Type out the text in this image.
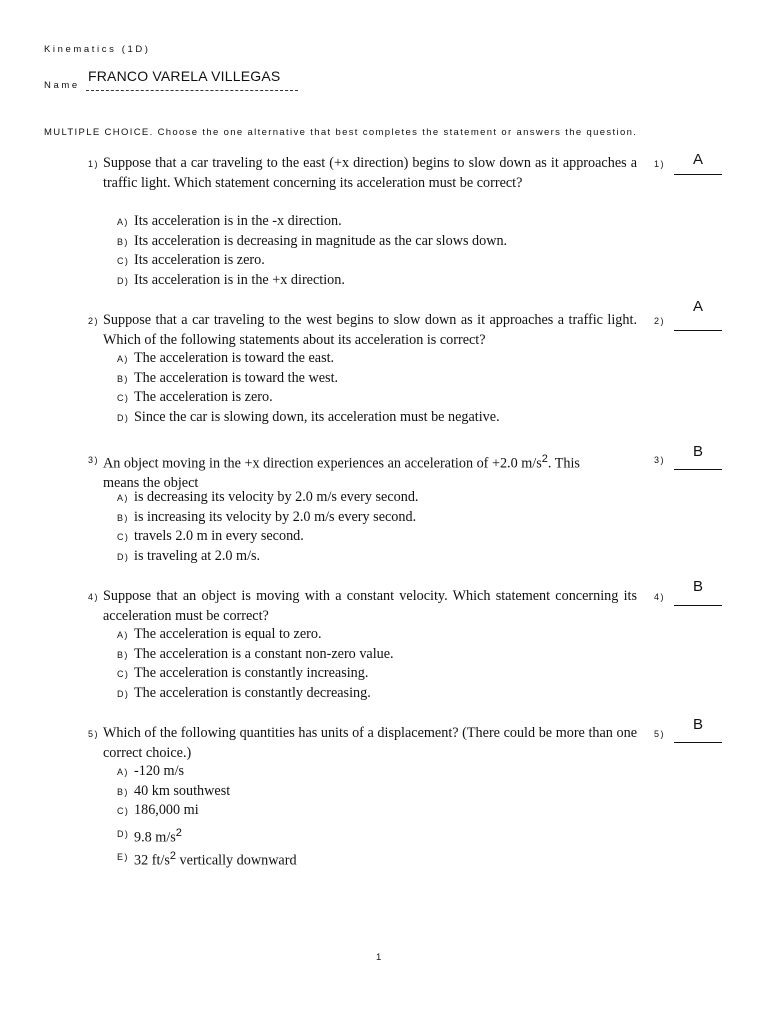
Kinematics (1D)
Name
FRANCO VARELA VILLEGAS
MULTIPLE CHOICE. Choose the one alternative that best completes the statement or answers the question.
1) Suppose that a car traveling to the east (+x direction) begins to slow down as it approaches a traffic light. Which statement concerning its acceleration must be correct?
A) Its acceleration is in the -x direction.
B) Its acceleration is decreasing in magnitude as the car slows down.
C) Its acceleration is zero.
D) Its acceleration is in the +x direction.
1)	A
2) Suppose that a car traveling to the west begins to slow down as it approaches a traffic light. Which of the following statements about its acceleration is correct?
A) The acceleration is toward the east.
B) The acceleration is toward the west.
C) The acceleration is zero.
D) Since the car is slowing down, its acceleration must be negative.
2)
A
3) An object moving in the +x direction experiences an acceleration of +2.0 $m/s^2$. This
means the object
A) is decreasing its velocity by 2.0 m/s every second.
B) is increasing its velocity by 2.0 m/s every second.
C) travels 2.0 m in every second.
D) is traveling at 2.0 m/s.
3)	B
4) Suppose that an object is moving with a constant velocity. Which statement concerning its acceleration must be correct?
A) The acceleration is equal to zero.
B) The acceleration is a constant non-zero value.
C) The acceleration is constantly increasing.
D) The acceleration is constantly decreasing.
4)
B
5) Which of the following quantities has units of a displacement? (There could be more than one correct choice.)
A) -120 m/s
B) 40 km southwest
C) 186,000 mi
D) 9.8 $m/s^2$
E) 32 $ft/s^2$ vertically downward
5)
B
1
